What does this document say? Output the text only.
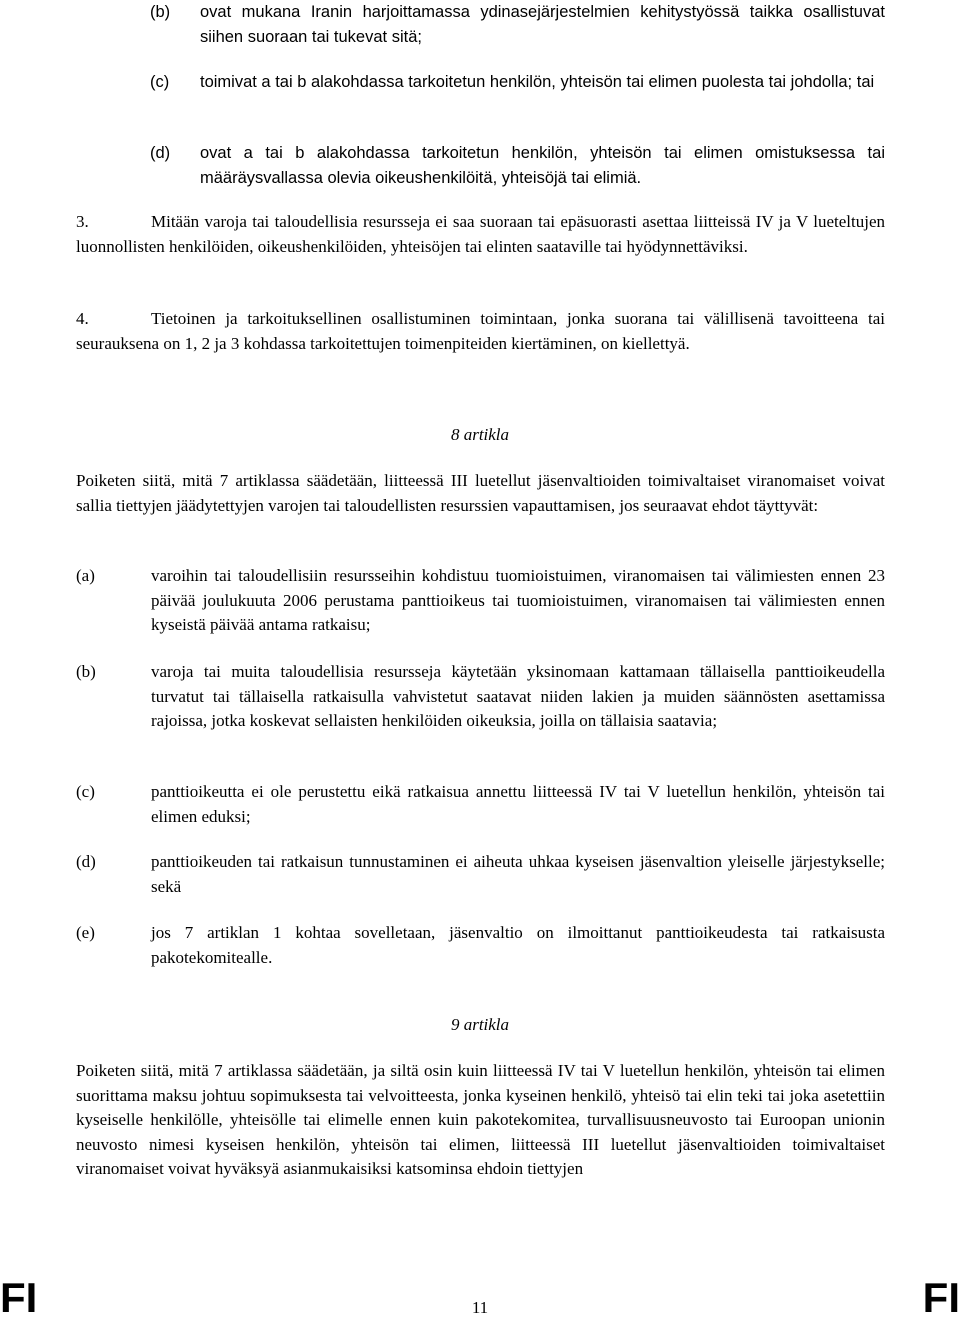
(b) ovat mukana Iranin harjoittamassa ydinasejärjestelmien kehitystyössä taikka osallistuvat siihen suoraan tai tukevat sitä;
(c) toimivat a tai b alakohdassa tarkoitetun henkilön, yhteisön tai elimen puolesta tai johdolla; tai
(d) ovat a tai b alakohdassa tarkoitetun henkilön, yhteisön tai elimen omistuksessa tai määräysvallassa olevia oikeushenkilöitä, yhteisöjä tai elimiä.
3.	Mitään varoja tai taloudellisia resursseja ei saa suoraan tai epäsuorasti asettaa liitteissä IV ja V lueteltujen luonnollisten henkilöiden, oikeushenkilöiden, yhteisöjen tai elinten saataville tai hyödynnettäviksi.
4.	Tietoinen ja tarkoituksellinen osallistuminen toimintaan, jonka suorana tai välillisenä tavoitteena tai seurauksena on 1, 2 ja 3 kohdassa tarkoitettujen toimenpiteiden kiertäminen, on kiellettyä.
8 artikla
Poiketen siitä, mitä 7 artiklassa säädetään, liitteessä III luetellut jäsenvaltioiden toimivaltaiset viranomaiset voivat sallia tiettyjen jäädytettyjen varojen tai taloudellisten resurssien vapauttamisen, jos seuraavat ehdot täyttyvät:
(a)	varoihin tai taloudellisiin resursseihin kohdistuu tuomioistuimen, viranomaisen tai välimiesten ennen 23 päivää joulukuuta 2006 perustama panttioikeus tai tuomioistuimen, viranomaisen tai välimiesten ennen kyseistä päivää antama ratkaisu;
(b)	varoja tai muita taloudellisia resursseja käytetään yksinomaan kattamaan tällaisella panttioikeudella turvatut tai tällaisella ratkaisulla vahvistetut saatavat niiden lakien ja muiden säännösten asettamissa rajoissa, jotka koskevat sellaisten henkilöiden oikeuksia, joilla on tällaisia saatavia;
(c)	panttioikeutta ei ole perustettu eikä ratkaisua annettu liitteessä IV tai V luetellun henkilön, yhteisön tai elimen eduksi;
(d)	panttioikeuden tai ratkaisun tunnustaminen ei aiheuta uhkaa kyseisen jäsenvaltion yleiselle järjestykselle; sekä
(e)	jos 7 artiklan 1 kohtaa sovelletaan, jäsenvaltio on ilmoittanut panttioikeudesta tai ratkaisusta pakotekomitealle.
9 artikla
Poiketen siitä, mitä 7 artiklassa säädetään, ja siltä osin kuin liitteessä IV tai V luetellun henkilön, yhteisön tai elimen suorittama maksu johtuu sopimuksesta tai velvoitteesta, jonka kyseinen henkilö, yhteisö tai elin teki tai joka asetettiin kyseiselle henkilölle, yhteisölle tai elimelle ennen kuin pakotekomitea, turvallisuusneuvosto tai Euroopan unionin neuvosto nimesi kyseisen henkilön, yhteisön tai elimen, liitteessä III luetellut jäsenvaltioiden toimivaltaiset viranomaiset voivat hyväksyä asianmukaisiksi katsominsa ehdoin tiettyjen
FI	11	FI
